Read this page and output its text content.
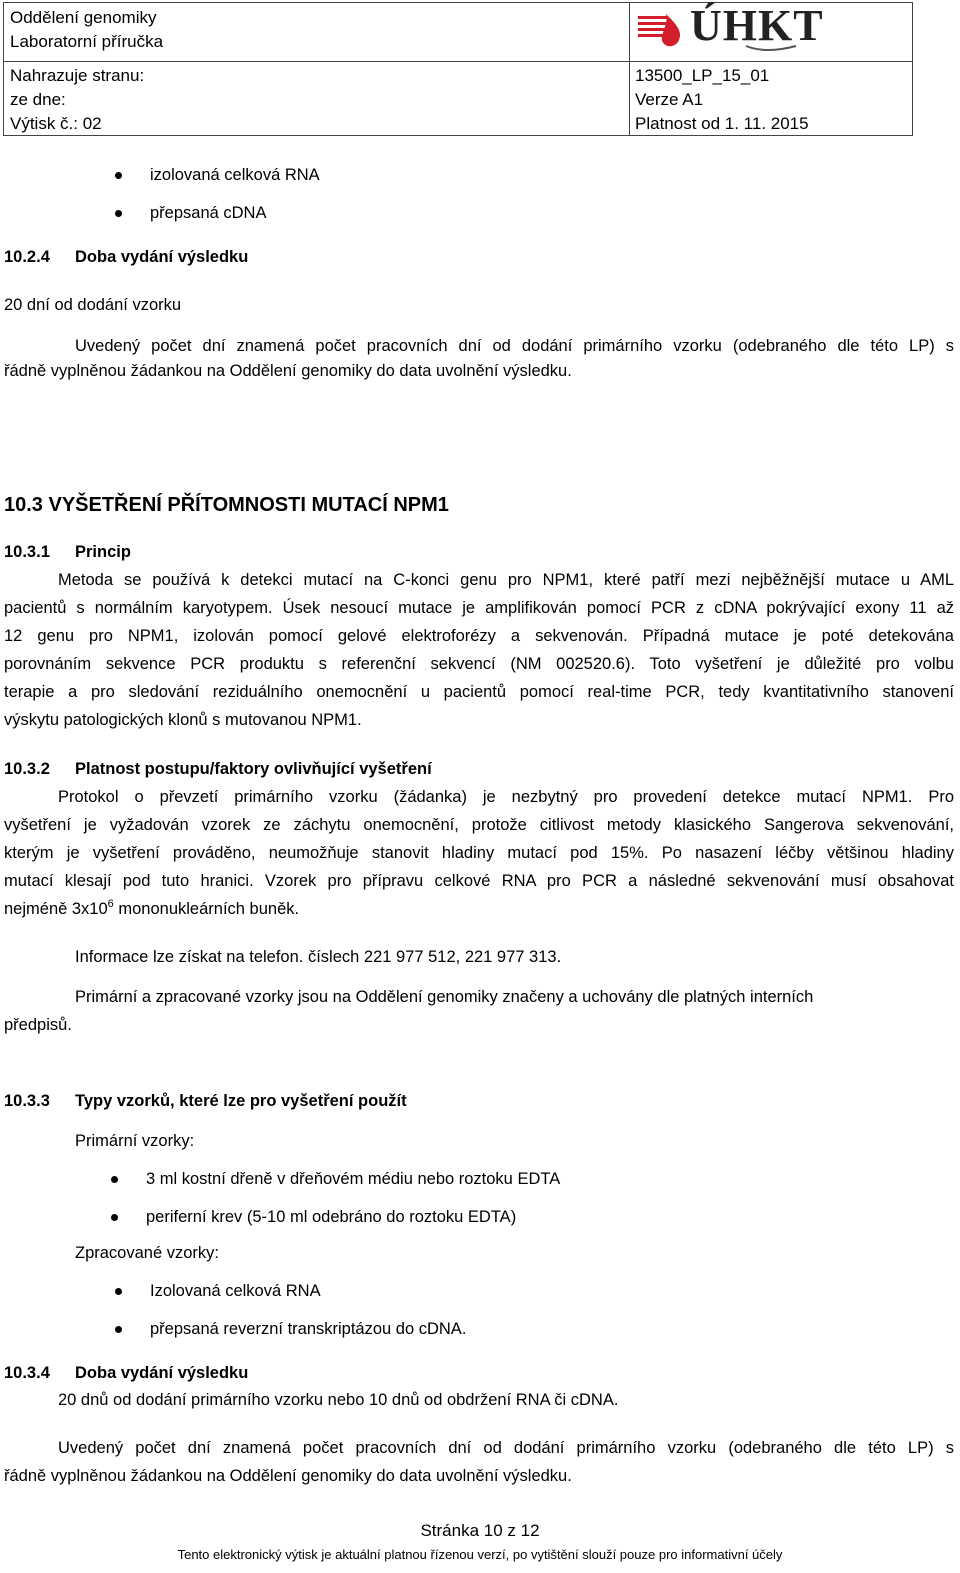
Oddělení genomiky
Laboratorní příručka
Nahrazuje stranu:
ze dne:
Výtisk č.: 02
13500_LP_15_01
Verze A1
Platnost od 1. 11. 2015
ÚHKT
izolovaná celková RNA
přepsaná cDNA
10.2.4 Doba vydání výsledku
20 dní od dodání vzorku
Uvedený počet dní znamená počet pracovních dní od dodání primárního vzorku (odebraného dle této LP) s
řádně vyplněnou žádankou na Oddělení genomiky do data uvolnění výsledku.
10.3 VYŠETŘENÍ PŘÍTOMNOSTI MUTACÍ NPM1
10.3.1 Princip
Metoda se používá k detekci mutací na C-konci genu pro NPM1, které patří mezi nejběžnější mutace u AML
pacientů s normálním karyotypem. Úsek nesoucí mutace je amplifikován pomocí PCR z cDNA pokrývající exony 11 až
12 genu pro NPM1, izolován pomocí gelové elektroforézy a sekvenován. Případná mutace je poté detekována
porovnáním sekvence PCR produktu s referenční sekvencí (NM 002520.6). Toto vyšetření je důležité pro volbu
terapie a pro sledování reziduálního onemocnění u pacientů pomocí real-time PCR, tedy kvantitativního stanovení
výskytu patologických klonů s mutovanou NPM1.
10.3.2 Platnost postupu/faktory ovlivňující vyšetření
Protokol o převzetí primárního vzorku (žádanka) je nezbytný pro provedení detekce mutací NPM1. Pro
vyšetření je vyžadován vzorek ze záchytu onemocnění, protože citlivost metody klasického Sangerova sekvenování,
kterým je vyšetření prováděno, neumožňuje stanovit hladiny mutací pod 15%. Po nasazení léčby většinou hladiny
mutací klesají pod tuto hranici. Vzorek pro přípravu celkové RNA pro PCR a následné sekvenování musí obsahovat
nejméně $3x10^6$ mononukleárních buněk.
Informace lze získat na telefon. číslech 221 977 512, 221 977 313.
Primární a zpracované vzorky jsou na Oddělení genomiky značeny a uchovány dle platných interních
předpisů.
10.3.3 Typy vzorků, které lze pro vyšetření použít
Primární vzorky:
3 ml kostní dřeně v dřeňovém médiu nebo roztoku EDTA
periferní krev (5-10 ml odebráno do roztoku EDTA)
Zpracované vzorky:
Izolovaná celková RNA
přepsaná reverzní transkriptázou do cDNA.
10.3.4 Doba vydání výsledku
20 dnů od dodání primárního vzorku nebo 10 dnů od obdržení RNA či cDNA.
Uvedený počet dní znamená počet pracovních dní od dodání primárního vzorku (odebraného dle této LP) s
řádně vyplněnou žádankou na Oddělení genomiky do data uvolnění výsledku.
Stránka 10 z 12
Tento elektronický výtisk je aktuální platnou řízenou verzí, po vytištění slouží pouze pro informativní účely
